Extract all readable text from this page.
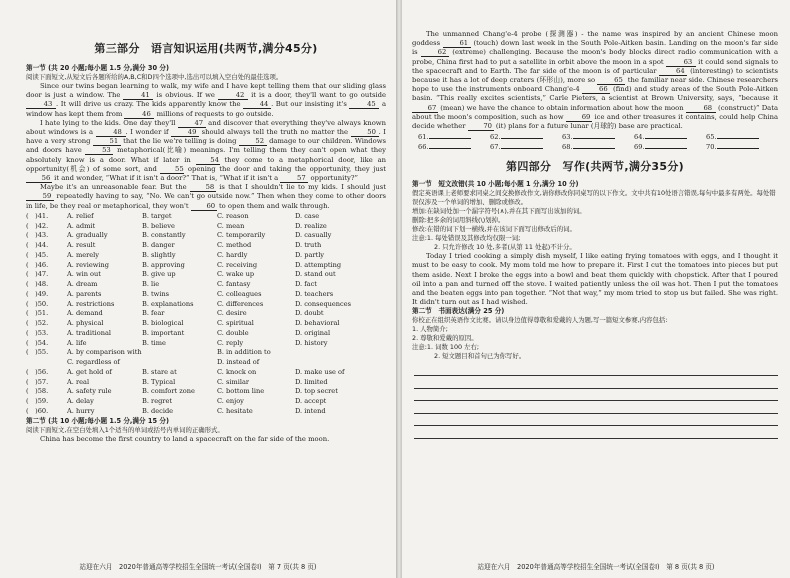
第三部分　语言知识运用(共两节,满分45分)
第一节 (共 20 小题;每小题 1.5 分,满分 30 分)
阅读下面短文,从短文后各题所给的A,B,C和D四个选项中,选出可以填入空白处的最佳选项。
Since our twins began learning to walk, my wife and I have kept telling them that our sliding glass door is just a window. The	41 is obvious. If we	42 it is a door, they'll want to go outside 43 . It will drive us crazy. The kids apparently know the 44 . But our insisting it's	45 a window has kept them from	46 millions of requests to go outside.
I hate lying to the kids. One day they'll 47 and discover that everything they've always known about windows is a	48 . I wonder if 49 should always tell the truth no matter the 50 . I have a very strong 51 that the lie we're telling is doing 52 damage to our children. Windows and doors have 53 metaphorical(比喻) meanings. I'm telling them they can't open what they absolutely know is a door. What if later in 54 they come to a metaphorical door, like an opportunity(机会) of some sort, and 55 opening the door and taking the opportunity, they just 56 it and wonder, “What if it isn't a door?” That is, “What if it isn't a 57 opportunity?”
Maybe it's an unreasonable fear. But the 58 is that I shouldn't lie to my kids. I should just 59 repeatedly having to say, “No. We can't go outside now.” Then when they come to other doors in life, be they real or metaphorical, they won't 60 to open them and walk through.
(　)41.	A. relief	B. target	C. reason	D. case
(　)42.	A. admit	B. believe	C. mean	D. realize
(　)43.	A. gradually	B. constantly	C. temporarily	D. casually
(　)44.	A. result	B. danger	C. method	D. truth
(　)45.	A. merely	B. slightly	C. hardly	D. partly
(　)46.	A. reviewing	B. approving	C. receiving	D. attempting
(　)47.	A. win out	B. give up	C. wake up	D. stand out
(　)48.	A. dream	B. lie	C. fantasy	D. fact
(　)49.	A. parents	B. twins	C. colleagues	D. teachers
(　)50.	A. restrictions	B. explanations	C. differences	D. consequences
(　)51.	A. demand	B. fear	C. desire	D. doubt
(　)52.	A. physical	B. biological	C. spiritual	D. behavioral
(　)53.	A. traditional	B. important	C. double	D. original
(　)54.	A. life	B. time	C. reply	D. history
(　)55.	A. by comparison with	B. in addition to
C. regardless of	D. instead of
(　)56.	A. get hold of	B. stare at	C. knock on	D. make use of
(　)57.	A. real	B. Typical	C. similar	D. limited
(　)58.	A. safety rule	B. comfort zone	C. bottom line	D. top secret
(　)59.	A. delay	B. regret	C. enjoy	D. accept
(　)60.	A. hurry	B. decide	C. hesitate	D. intend
第二节 (共 10 小题;每小题 1.5 分,满分 15 分)
阅读下面短文,在空白处填入1个适当的单词或括号内单词的正确形式。
China has become the first country to land a spacecraft on the far side of the moon.
站迎在六月　2020年普通高等学校招生全国统一考试(全国卷Ⅰ)　第 7 页(共 8 页)
The unmanned Chang'e-4 probe (探测器) - the name was inspired by an ancient Chinese moon goddess 61 (touch) down last week in the South Pole-Aitken basin. Landing on the moon's far side is 62 (extreme) challenging. Because the moon's body blocks direct radio communication with a probe, China first had to put a satellite in orbit above the moon in a spot	63 it could send signals to the spacecraft and to Earth. The far side of the moon is of particular 64 (interesting) to scientists because it has a lot of deep craters (环形山), more so 65 the familiar near side. Chinese researchers hope to use the instruments onboard Chang'e-4 66 (find) and study areas of the South Pole-Aitken basin. “This really excites scientists,” Carle Pieters, a scientist at Brown University, says, “because it 67 (mean) we have the chance to obtain information about how the moon	68 (construct)” Data about the moon's composition, such as how 69 ice and other treasures it contains, could help China decide whether 70 (it) plans for a future lunar (月球的) base are practical.
61.	62.	63.	64.	65.
66.	67.	68.	69.	70.
第四部分　写作(共两节,满分35分)
第一节　短文改错(共 10 小题;每小题 1 分,满分 10 分)
假定英语课上老师要求同桌之间交换修改作文,请你修改你同桌写的以下作文。文中共有10处语言错误,每句中最多有两处。每处错误仅涉及一个单词的增加、删除或修改。
增加:在缺词处加一个漏字符号(∧),并在其下面写出该加的词。
删除:把多余的词用斜线(\)划掉。
修改:在错的词下划一横线,并在该词下面写出修改后的词。
注意:1. 每处错误及其修改均仅限一词;
2. 只允许修改 10 处,多者(从第 11 处起)不计分。
Today I tried cooking a simply dish myself, I like eating frying tomatoes with eggs, and I thought it must to be easy to cook. My mom told me how to prepare it. First I cut the tomatoes into pieces but put them aside. Next I broke the eggs into a bowl and beat them quickly with chopstick. After that I poured oil into a pan and turned off the stove. I waited patiently unless the oil was hot. Then I put the tomatoes and the beaten eggs into pan together. “Not that way,” my mom tried to stop us but failed. She was right. It didn't turn out as I had wished.
第二节　书面表达(满分 25 分)
你校正在组织英语作文比赛。请以身边值得尊敬和爱戴的人为题,写一篇短文参赛,内容包括:
1. 人物简介;
2. 尊敬和爱戴的原因。
注意:1. 词数 100 左右;
2. 短文题目和首句已为你写好。
站迎在六月　2020年普通高等学校招生全国统一考试(全国卷Ⅰ)　第 8 页(共 8 页)
